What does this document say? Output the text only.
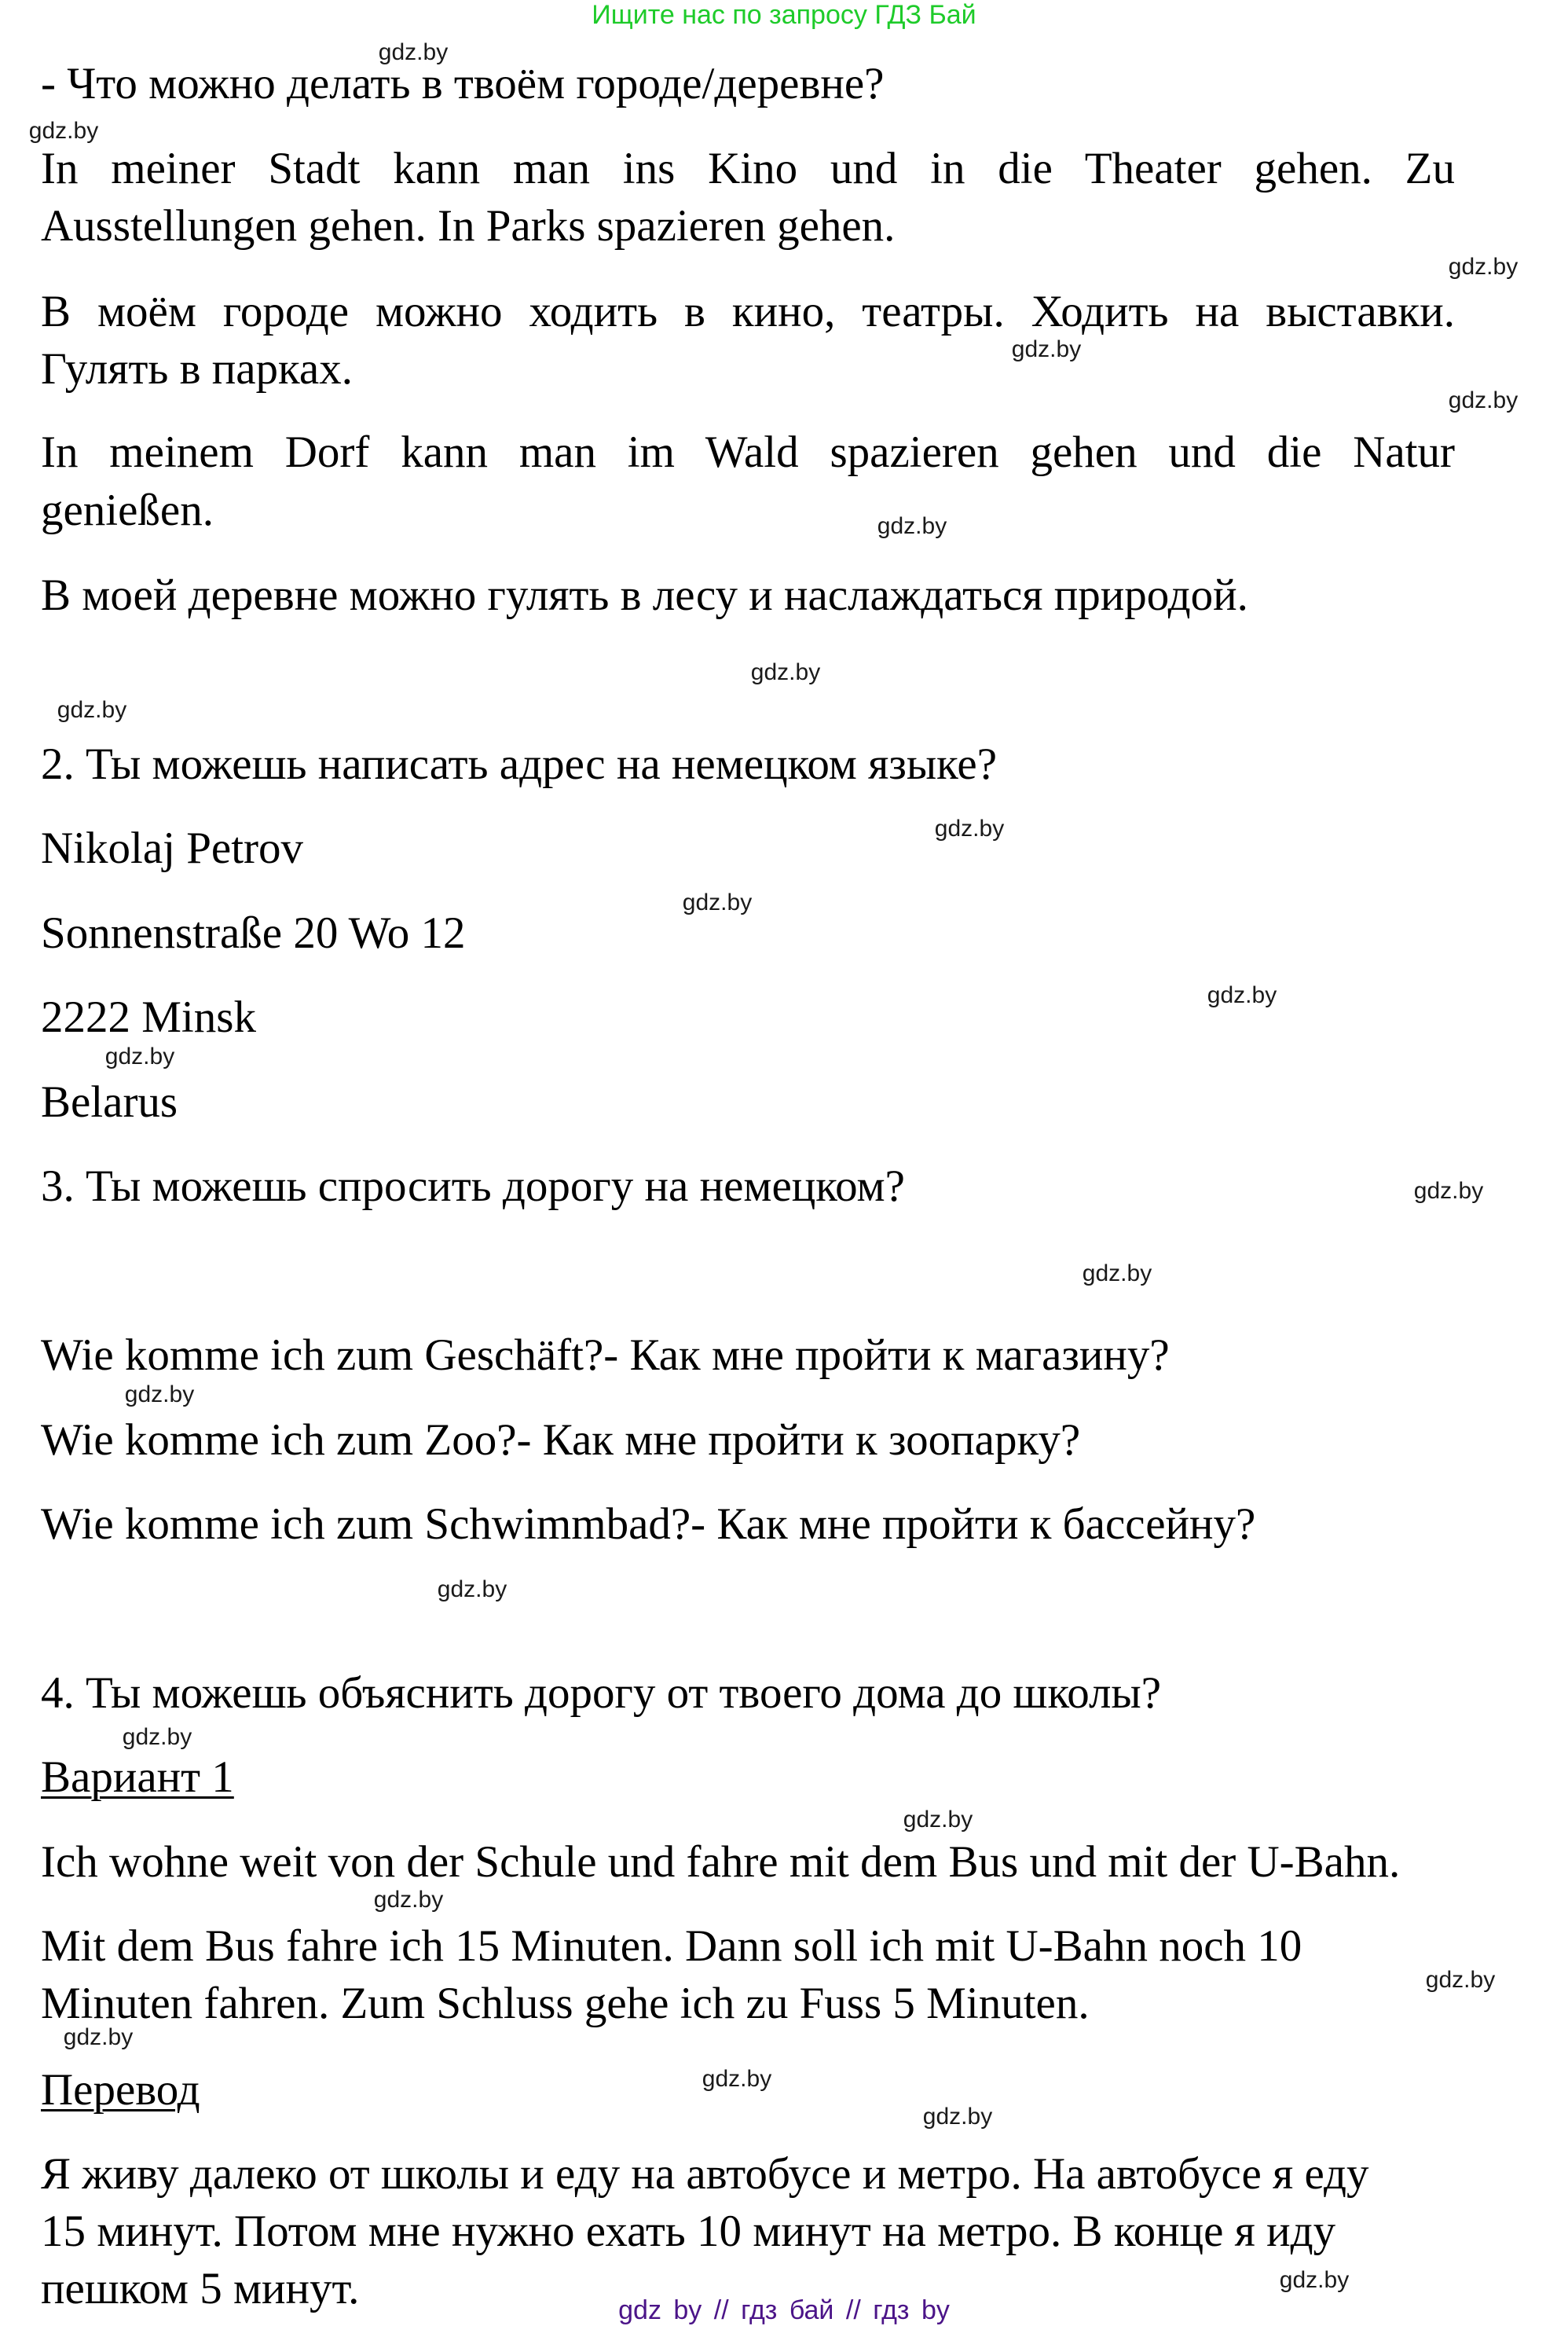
Ищите нас по запросу ГДЗ Бай
gdz.by
gdz.by
gdz.by
gdz.by
gdz.by
gdz.by
gdz.by
gdz.by
gdz.by
gdz.by
gdz.by
gdz.by
gdz.by
gdz.by
gdz.by
gdz.by
gdz.by
gdz.by
gdz.by
gdz.by
gdz.by
gdz.by
gdz.by
gdz.by
- Что можно делать в твоём городе/деревне?
In meiner Stadt kann man ins Kino und in die Theater gehen. Zu
Ausstellungen gehen. In Parks spazieren gehen.
В моём городе можно ходить в кино, театры. Ходить на выставки.
Гулять в парках.
In meinem Dorf kann man im Wald spazieren gehen und die Natur
genießen.
В моей деревне можно гулять в лесу и наслаждаться природой.
2. Ты можешь написать адрес на немецком языке?
Nikolaj Petrov
Sonnenstraße 20 Wo 12
2222 Minsk
Belarus
3. Ты можешь спросить дорогу на немецком?
Wie komme ich zum Geschäft?- Как мне пройти к магазину?
Wie komme ich zum Zoo?- Как мне пройти к зоопарку?
Wie komme ich zum Schwimmbad?- Как мне пройти к бассейну?
4. Ты можешь объяснить дорогу от твоего дома до школы?
Вариант 1
Ich wohne weit von der Schule und fahre mit dem Bus und mit der U-Bahn.
Mit dem Bus fahre ich 15 Minuten. Dann soll ich mit U-Bahn noch 10
Minuten fahren. Zum Schluss gehe ich zu Fuss 5 Minuten.
Перевод
Я живу далеко от школы и еду на автобусе и метро. На автобусе я еду
15 минут. Потом мне нужно ехать 10 минут на метро. В конце я иду
пешком 5 минут.	gdz by // гдз бай // гдз by
